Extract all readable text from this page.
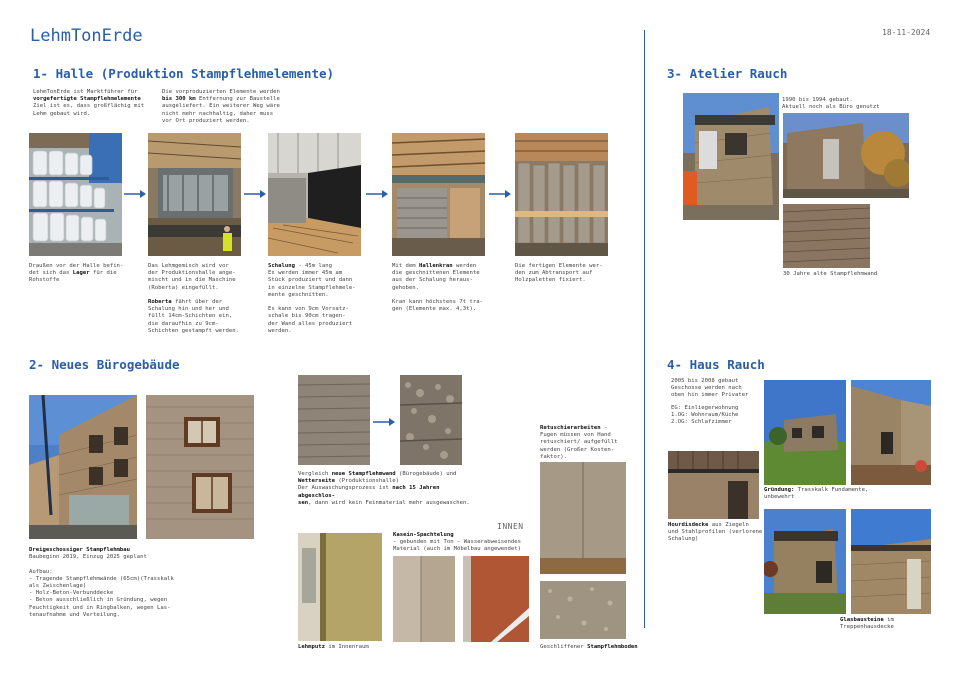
LehmTonErde	18-11-2024
1- Halle (Produktion Stampflehmelemente)
2- Neues Bürogebäude
3- Atelier Rauch
4- Haus Rauch
LehmTonErde ist Marktführer für
vorgefertigte Stampflehmelemente
Ziel ist es, dass großflächig mit
Lehm gebaut wird.
Die vorproduzierten Elemente werden
bis 300 km Entfernung zur Baustelle
ausgeliefert. Ein weiterer Weg wäre
nicht mehr nachhaltig, daher muss
vor Ort produziert werden.
Draußen vor der Halle befin-
det sich das Lager für die
Rohstoffe
Das Lehmgemisch wird vor
der Produktionshalle ange-
mischt und in die Maschine
(Roberta) eingefüllt.

Roberta fährt über der
Schalung hin und her und
füllt 14cm-Schichten ein,
die daraufhin zu 9cm-
Schichten gestampft werden.
Schalung - 45m lang
Es werden immer 45m am
Stück produziert und dann
in einzelne Stampflehmele-
mente geschnitten.

Es kann von 9cm Vorsatz-
schale bis 90cm tragen-
der Wand alles produziert
werden.
Mit dem Hallenkran werden
die geschnittenen Elemente
aus der Schalung heraus-
gehoben.

Kran kann höchstens 7t tra-
gen (Elemente max. 4,3t).
Die fertigen Elemente wer-
den zum Abtransport auf
Holzpaletten fixiert.
Dreigeschossiger Stampflehmbau
Baubeginn 2019, Einzug 2025 geplant

Aufbau:
- Tragende Stampflehmwände (65cm)(Trasskalk
als Zwischenlage)
- Holz-Beton-Verbunddecke
- Beton ausschließlich in Gründung, wegen
Feuchtigkeit und in Ringbalken, wegen Las-
tenaufnahme und Verteilung.
Vergleich neue Stampflehmwand (Bürogebäude) und
Wetterseite (Produktionshalle)
Der Auswaschungsprozess ist nach 15 Jahren abgeschlos-
sen, dann wird kein Feinmaterial mehr ausgewaschen.
INNEN
Lehmputz im Innenraum
Kasein-Spachtelung
- gebunden mit Ton - Wasserabweisendes
Material (auch im Möbelbau angewendet)
Retuschierarbeiten -
Fugen müssen von Hand
retuschiert/ aufgefüllt
werden (Großer Kosten-
faktor).
Geschliffener Stampflehmboden
1990 bis 1994 gebaut.
Aktuell noch als Büro genutzt
30 Jahre alte Stampflehmwand
2005 bis 2008 gebaut
Geschosse werden nach
oben hin immer Privater
EG: Einliegerwohnung
1.OG: Wohnraum/Küche
2.OG: Schlafzimmer
Gründung: Trasskalk Fundamente,
unbewehrt
Hourdisdecke aus Ziegeln
und Stahlprofilen (verlorene
Schalung)
Glasbausteine im
Treppenhausdecke
